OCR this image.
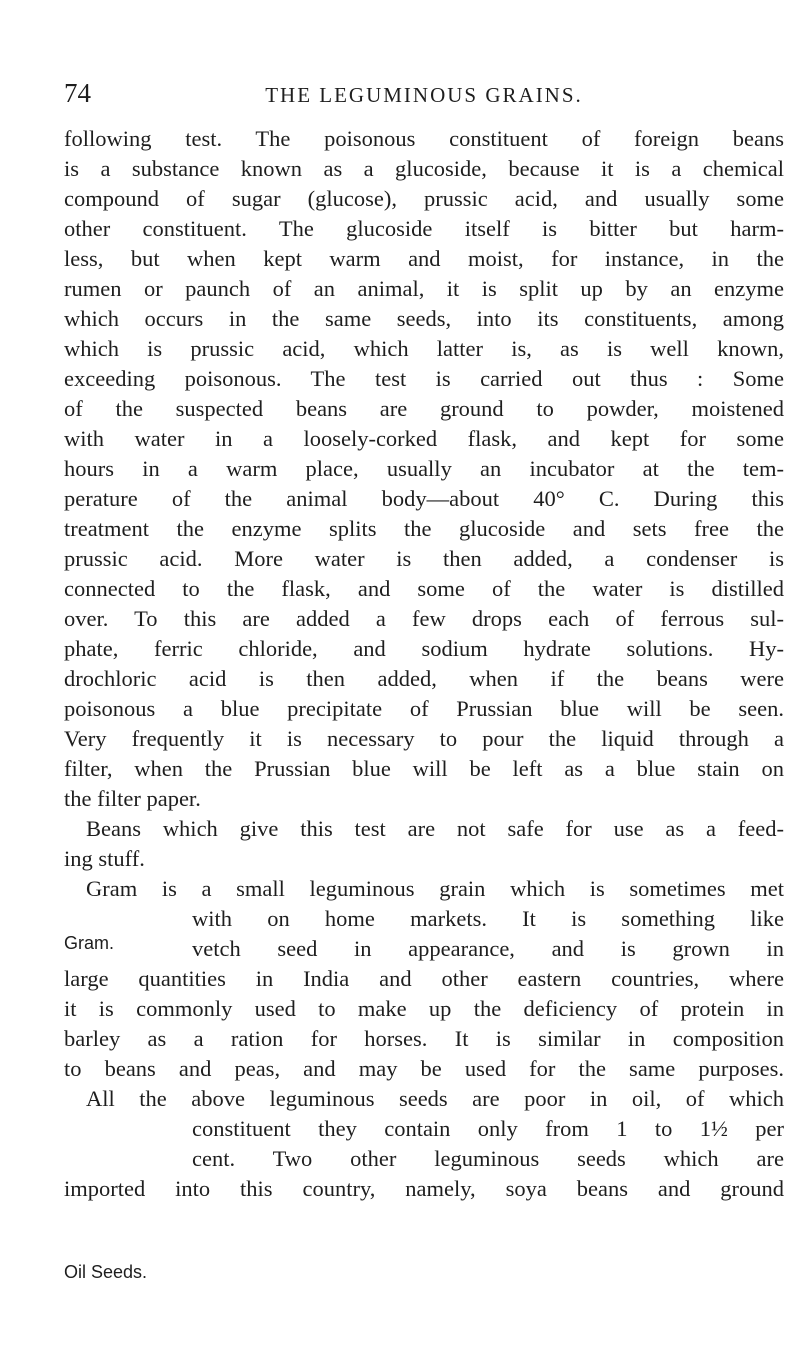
74	THE LEGUMINOUS GRAINS.
Gram.
Oil Seeds.
following test. The poisonous constituent of foreign beans
is a substance known as a glucoside, because it is a chemical
compound of sugar (glucose), prussic acid, and usually some
other constituent. The glucoside itself is bitter but harm-
less, but when kept warm and moist, for instance, in the
rumen or paunch of an animal, it is split up by an enzyme
which occurs in the same seeds, into its constituents, among
which is prussic acid, which latter is, as is well known,
exceeding poisonous. The test is carried out thus : Some
of the suspected beans are ground to powder, moistened
with water in a loosely-corked flask, and kept for some
hours in a warm place, usually an incubator at the tem-
perature of the animal body—about 40° C. During this
treatment the enzyme splits the glucoside and sets free the
prussic acid. More water is then added, a condenser is
connected to the flask, and some of the water is distilled
over. To this are added a few drops each of ferrous sul-
phate, ferric chloride, and sodium hydrate solutions. Hy-
drochloric acid is then added, when if the beans were
poisonous a blue precipitate of Prussian blue will be seen.
Very frequently it is necessary to pour the liquid through a
filter, when the Prussian blue will be left as a blue stain on
the filter paper.
Beans which give this test are not safe for use as a feed-
ing stuff.
Gram is a small leguminous grain which is sometimes met
with on home markets. It is something like
vetch seed in appearance, and is grown in
large quantities in India and other eastern countries, where
it is commonly used to make up the deficiency of protein in
barley as a ration for horses. It is similar in composition
to beans and peas, and may be used for the same purposes.
All the above leguminous seeds are poor in oil, of which
constituent they contain only from 1 to 1½ per
cent. Two other leguminous seeds which are
imported into this country, namely, soya beans and ground
